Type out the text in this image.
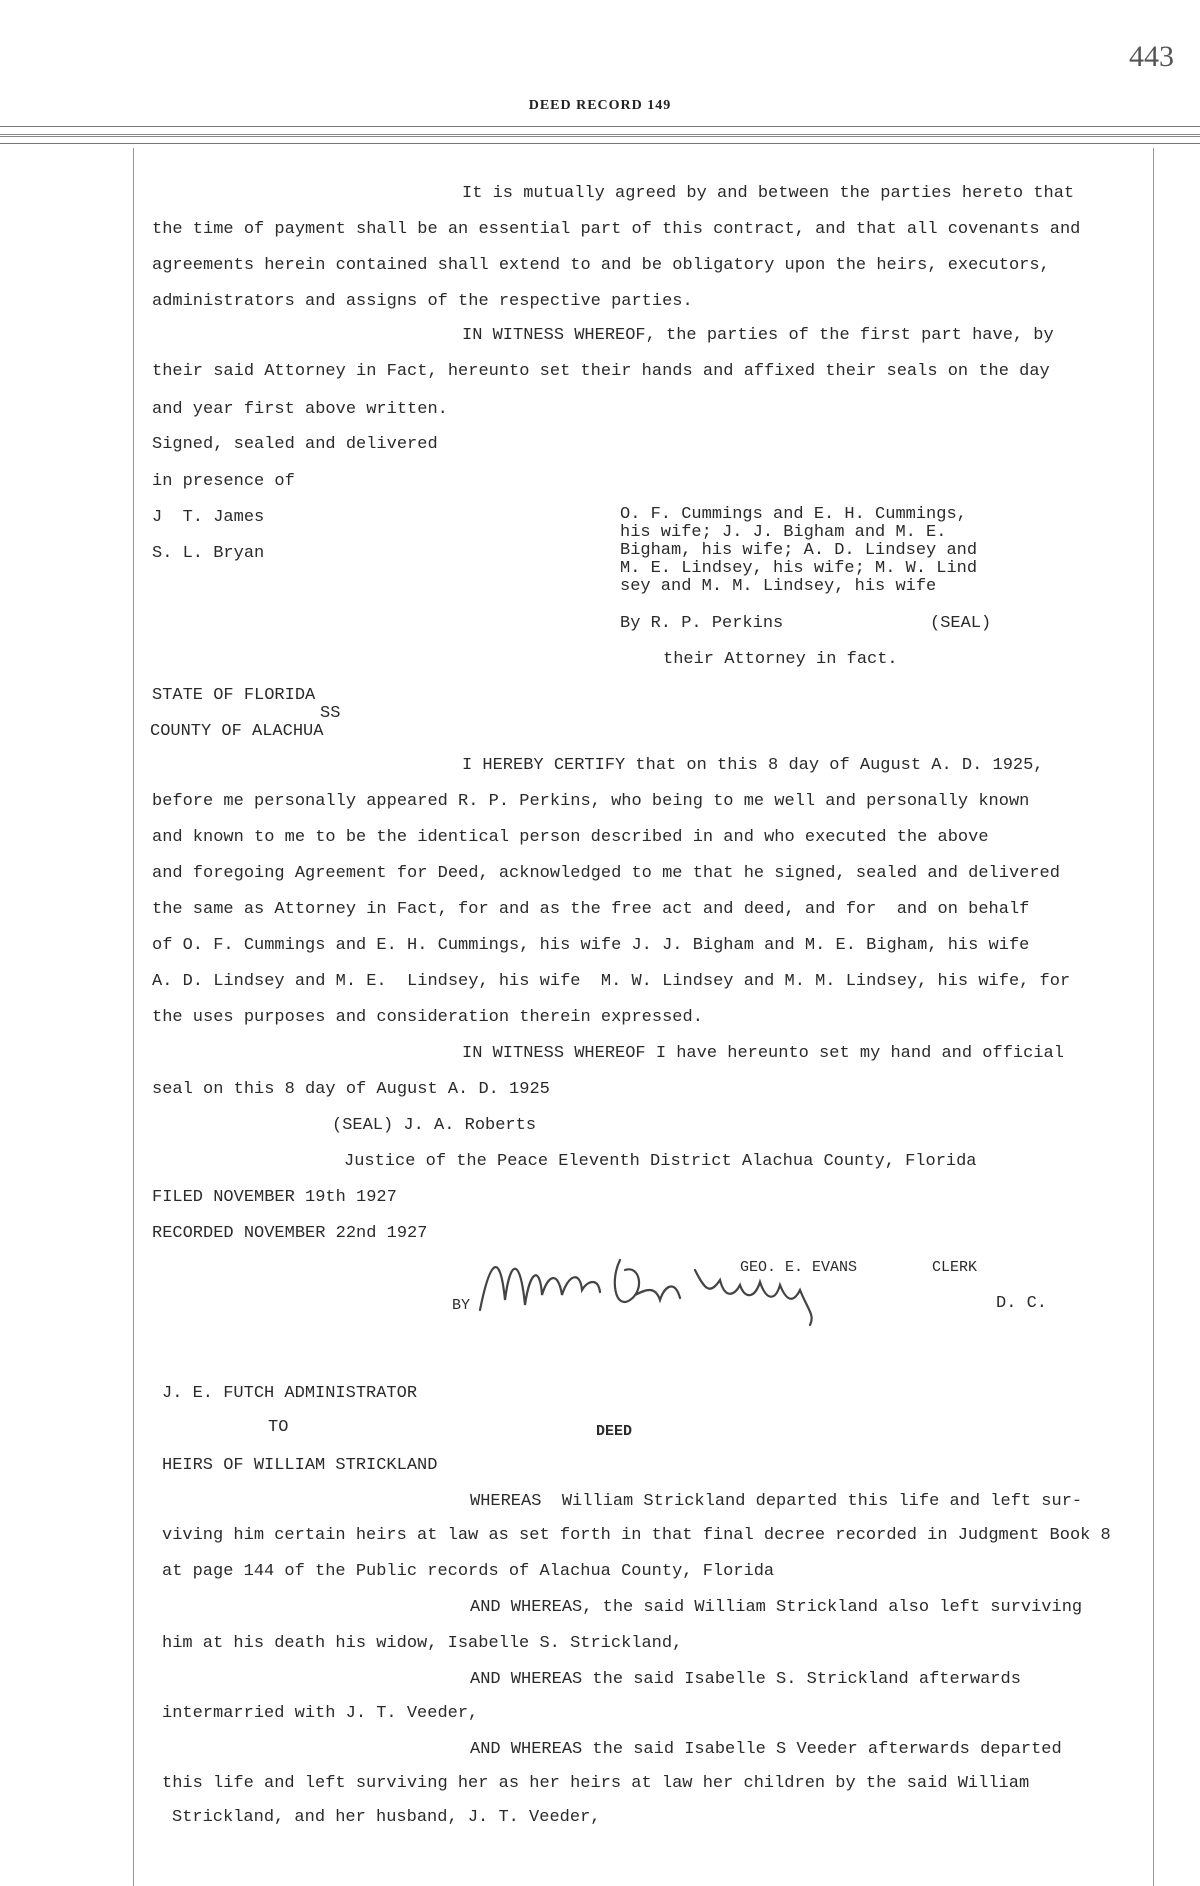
443
DEED RECORD 149
It is mutually agreed by and between the parties hereto that
the time of payment shall be an essential part of this contract, and that all covenants and
agreements herein contained shall extend to and be obligatory upon the heirs, executors,
administrators and assigns of the respective parties.
IN WITNESS WHEREOF, the parties of the first part have, by
their said Attorney in Fact, hereunto set their hands and affixed their seals on the day
and year first above written.
Signed, sealed and delivered
in presence of
J  T. James
S. L. Bryan
O. F. Cummings and E. H. Cummings,
his wife; J. J. Bigham and M. E.
Bigham, his wife; A. D. Lindsey and
M. E. Lindsey, his wife; M. W. Lind
sey and M. M. Lindsey, his wife
By R. P. Perkins	(SEAL)
their Attorney in fact.
STATE OF FLORIDA
SS
COUNTY OF ALACHUA
I HEREBY CERTIFY that on this 8 day of August A. D. 1925,
before me personally appeared R. P. Perkins, who being to me well and personally known
and known to me to be the identical person described in and who executed the above
and foregoing Agreement for Deed, acknowledged to me that he signed, sealed and delivered
the same as Attorney in Fact, for and as the free act and deed, and for  and on behalf
of O. F. Cummings and E. H. Cummings, his wife J. J. Bigham and M. E. Bigham, his wife
A. D. Lindsey and M. E.  Lindsey, his wife  M. W. Lindsey and M. M. Lindsey, his wife, for
the uses purposes and consideration therein expressed.
IN WITNESS WHEREOF I have hereunto set my hand and official
seal on this 8 day of August A. D. 1925
(SEAL) J. A. Roberts
Justice of the Peace Eleventh District Alachua County, Florida
FILED NOVEMBER 19th 1927
RECORDED NOVEMBER 22nd 1927
GEO. E. EVANS	CLERK
BY	D. C.
J. E. FUTCH ADMINISTRATOR
TO	DEED
HEIRS OF WILLIAM STRICKLAND
WHEREAS  William Strickland departed this life and left sur-
viving him certain heirs at law as set forth in that final decree recorded in Judgment Book 8
at page 144 of the Public records of Alachua County, Florida
AND WHEREAS, the said William Strickland also left surviving
him at his death his widow, Isabelle S. Strickland,
AND WHEREAS the said Isabelle S. Strickland afterwards
intermarried with J. T. Veeder,
AND WHEREAS the said Isabelle S Veeder afterwards departed
this life and left surviving her as her heirs at law her children by the said William
Strickland, and her husband, J. T. Veeder,
